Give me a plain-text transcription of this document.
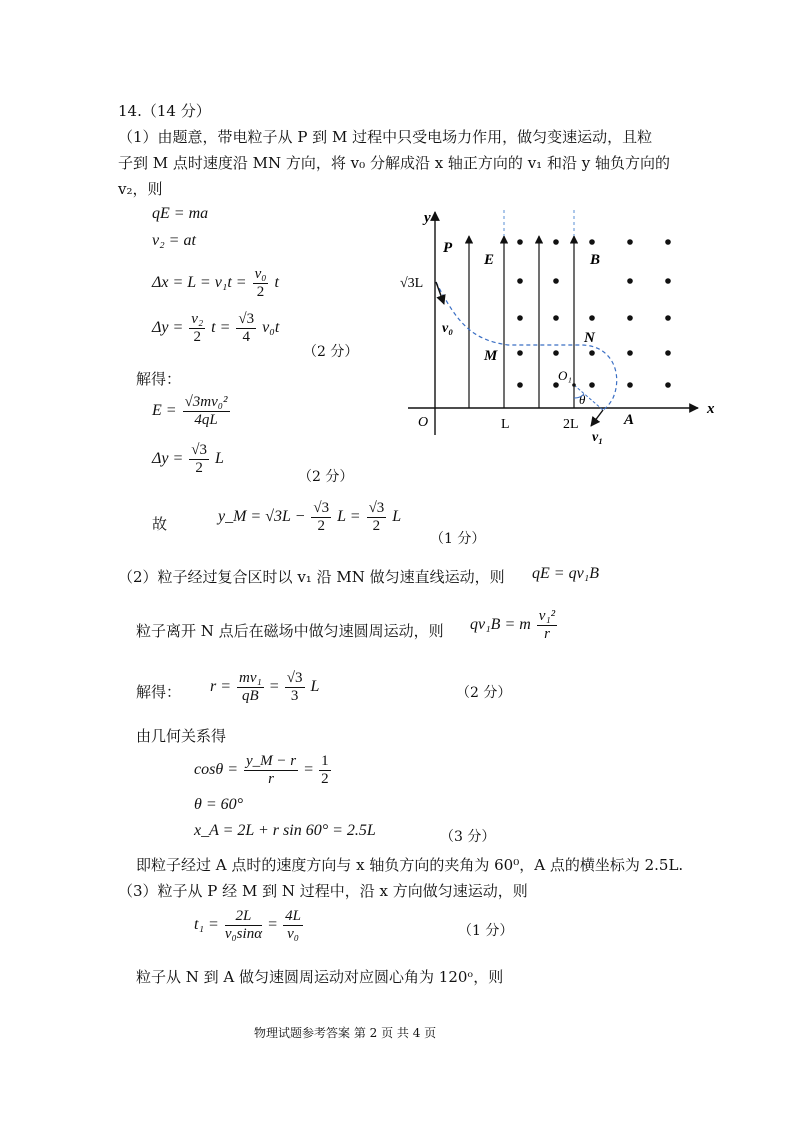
14.（14 分）
（1）由题意，带电粒子从 P 到 M 过程中只受电场力作用，做匀变速运动，且粒
子到 M 点时速度沿 MN 方向，将 v₀ 分解成沿 x 轴正方向的 v₁ 和沿 y 轴负方向的
v₂，则
qE = ma
v₂ = at
$\Delta x = L = v_1t = \frac{\text{v₀}}{2}$ t
$\Delta y = \frac{\text{v₂}}{2}$ $t = \frac{√3}{4} v_0t$
（2 分）
解得：
$E = \frac{\text{√3mv₀²}}{4qL}$
$\Delta y = \frac{√3}{2}$ L
（2 分）
故	y_M = $√3L - \frac{√3}{2}$ $L = \frac{√3}{2}$ L
（1 分）
y
x
O	L	2L
E	B
√3L
P
M
N
O₁
θ
A
v₀
v₁
（2）粒子经过复合区时以 v₁ 沿 MN 做匀速直线运动，则 qE = qv₁B
粒子离开 N 点后在磁场中做匀速圆周运动，则 qv₁B = m $\frac{\text{v₁²}}{r}$
解得： $r = \frac{\text{mv₁}}{qB} = \frac{√3}{3}$ L	（2 分）
由几何关系得
$\cos\theta = \frac{y\_M - r}{r} = \frac{1}{2}$
θ = 60°
x_A = 2L + r sin 60° = 2.5L	（3 分）
即粒子经过 A 点时的速度方向与 x 轴负方向的夹角为 60⁰，A 点的横坐标为 2.5L.
（3）粒子从 P 经 M 到 N 过程中，沿 x 方向做匀速运动，则
$t_1 = \frac{2L}{\text{v₀sinα}} = \frac{4L}{\text{v₀}}$	（1 分）
粒子从 N 到 A 做匀速圆周运动对应圆心角为 120ᵒ，则
物理试题参考答案 第 2 页 共 4 页
